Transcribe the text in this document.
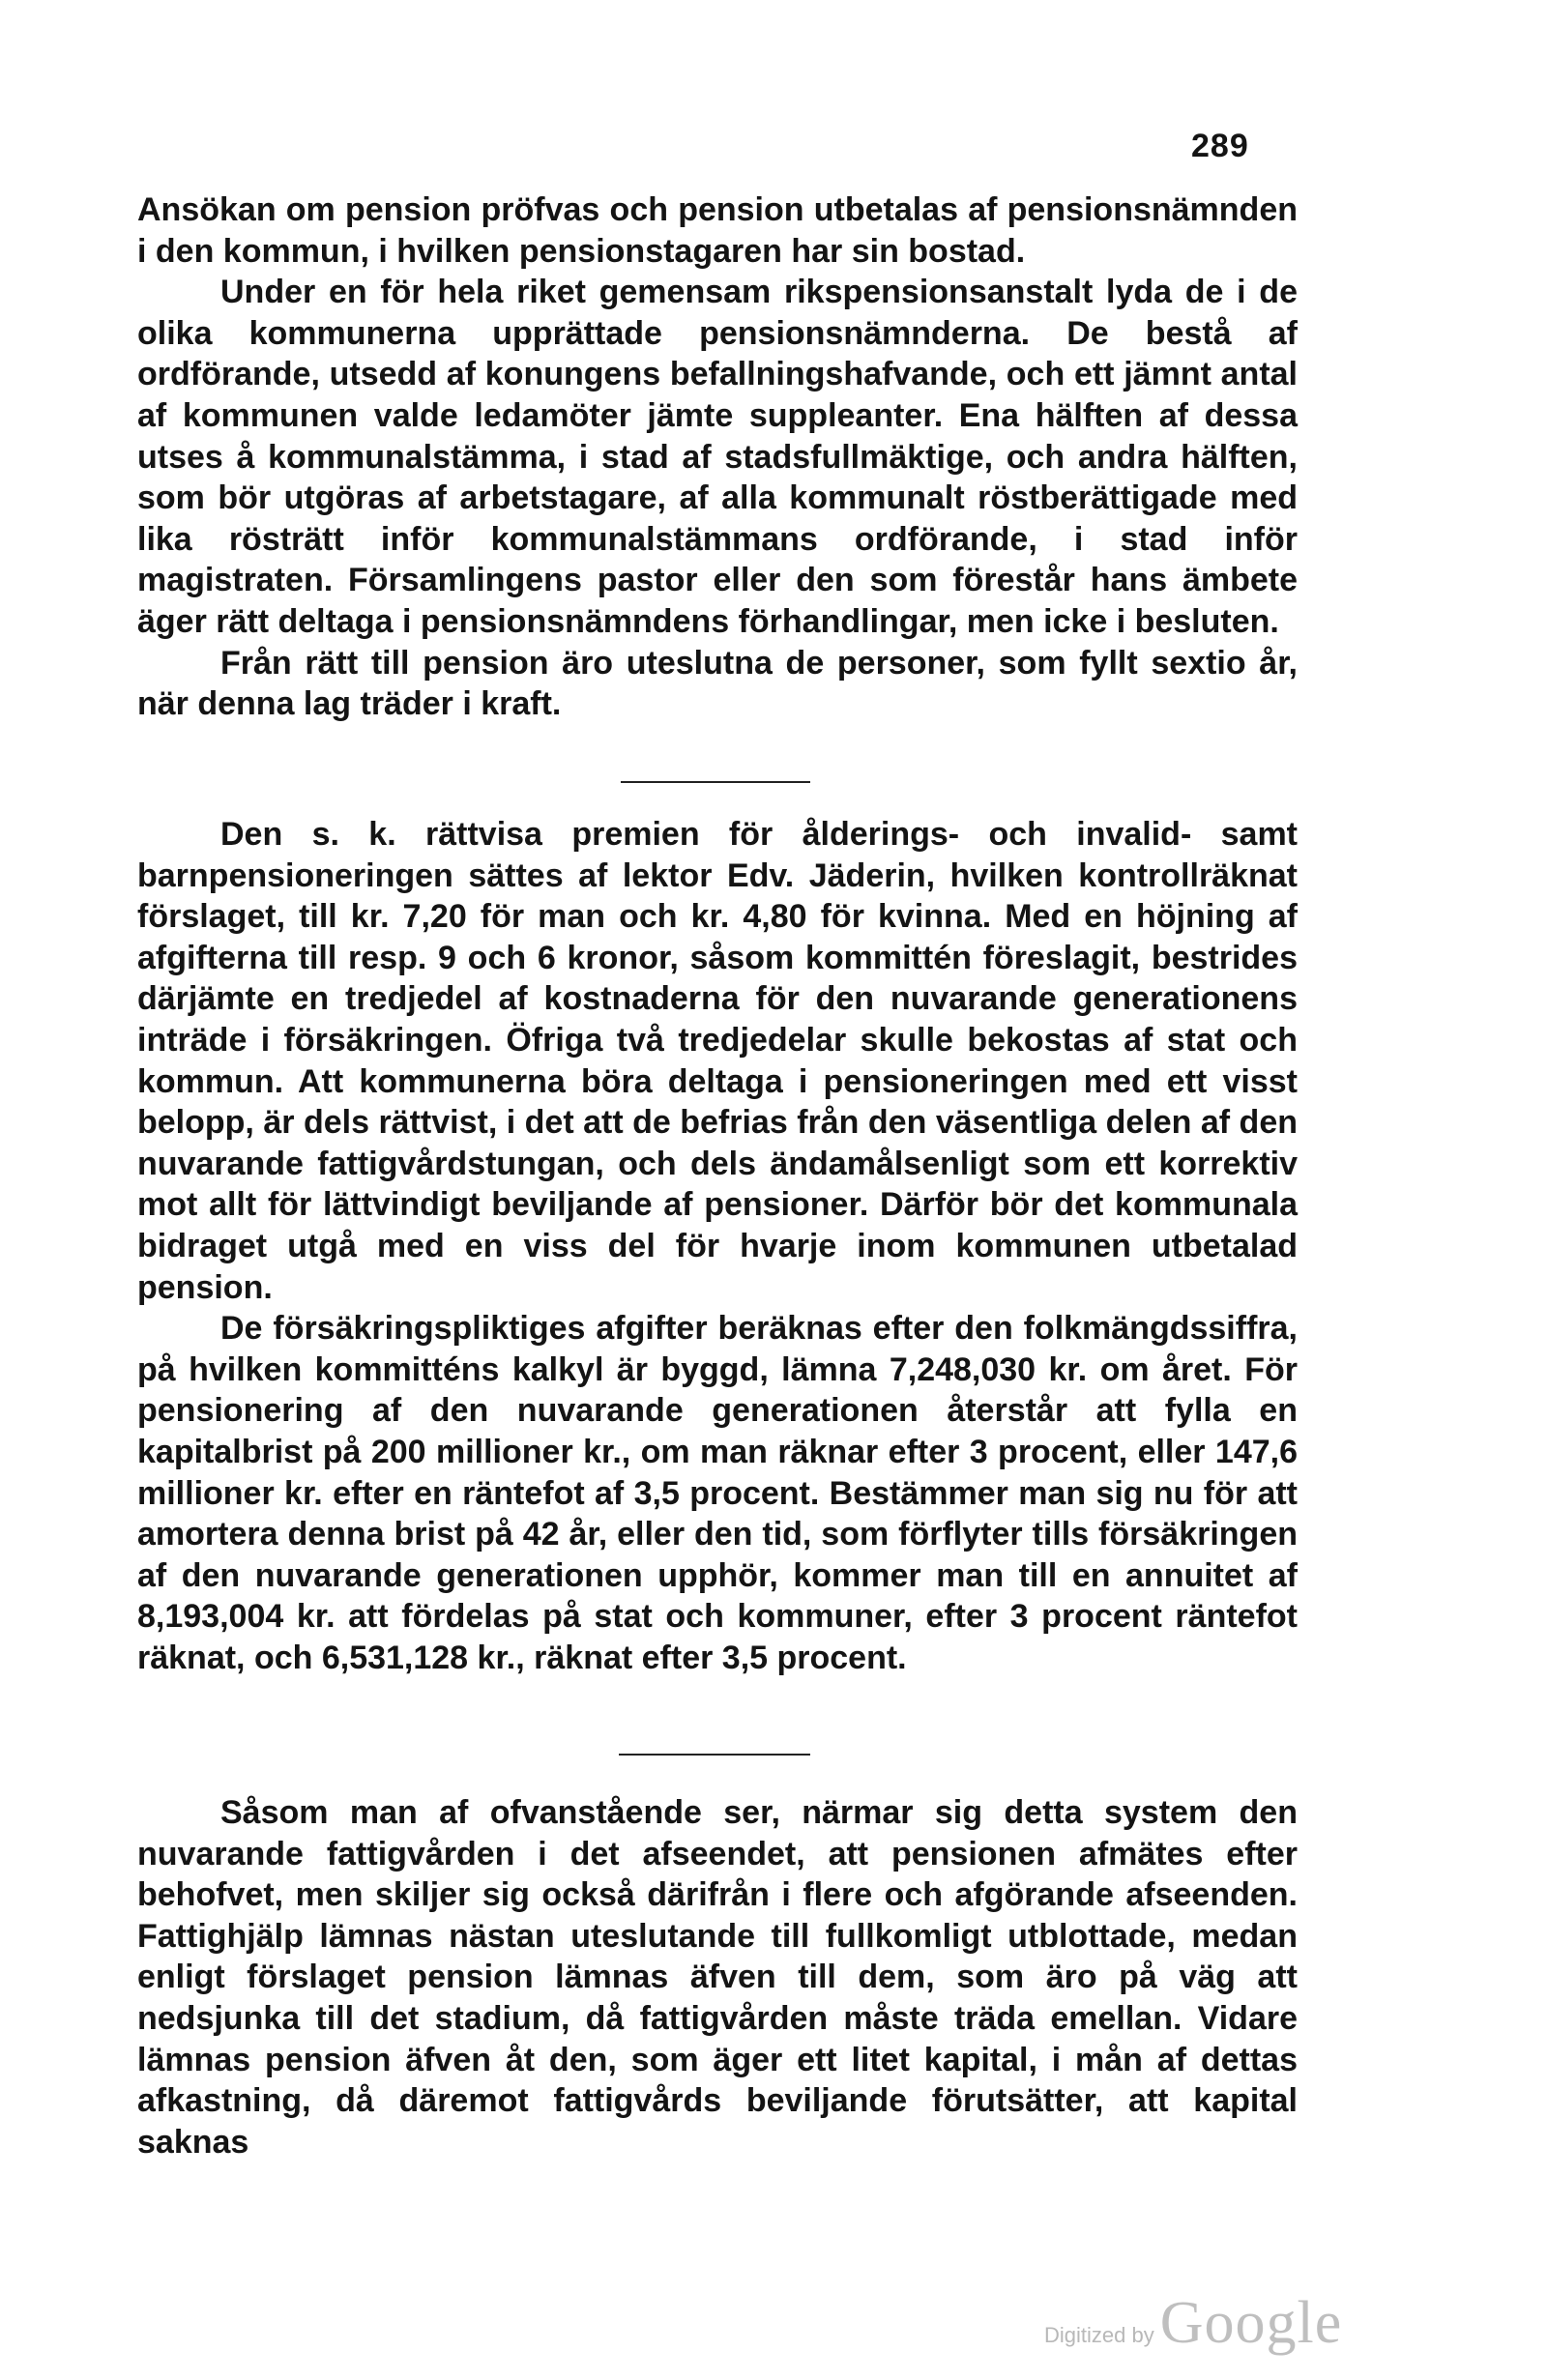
289

Ansökan om pension pröfvas och pension utbetalas af pensionsnämnden i den kommun, i hvilken pensionstagaren har sin bostad.

Under en för hela riket gemensam rikspensionsanstalt lyda de i de olika kommunerna upprättade pensionsnämnderna. De bestå af ordförande, utsedd af konungens befallningshafvande, och ett jämnt antal af kommunen valde ledamöter jämte suppleanter. Ena hälften af dessa utses å kommunalstämma, i stad af stadsfullmäktige, och andra hälften, som bör utgöras af arbetstagare, af alla kommunalt röstberättigade med lika rösträtt inför kommunalstämmans ordförande, i stad inför magistraten. Församlingens pastor eller den som förestår hans ämbete äger rätt deltaga i pensionsnämndens förhandlingar, men icke i besluten.

Från rätt till pension äro uteslutna de personer, som fyllt sextio år, när denna lag träder i kraft.

Den s. k. rättvisa premien för ålderings- och invalid- samt barnpensioneringen sättes af lektor Edv. Jäderin, hvilken kontrollräknat förslaget, till kr. 7,20 för man och kr. 4,80 för kvinna. Med en höjning af afgifterna till resp. 9 och 6 kronor, såsom kommittén föreslagit, bestrides därjämte en tredjedel af kostnaderna för den nuvarande generationens inträde i försäkringen. Öfriga två tredjedelar skulle bekostas af stat och kommun. Att kommunerna böra deltaga i pensioneringen med ett visst belopp, är dels rättvist, i det att de befrias från den väsentliga delen af den nuvarande fattigvårdstungan, och dels ändamålsenligt som ett korrektiv mot allt för lättvindigt beviljande af pensioner. Därför bör det kommunala bidraget utgå med en viss del för hvarje inom kommunen utbetalad pension.

De försäkringspliktiges afgifter beräknas efter den folkmängdssiffra, på hvilken kommitténs kalkyl är byggd, lämna 7,248,030 kr. om året. För pensionering af den nuvarande generationen återstår att fylla en kapitalbrist på 200 millioner kr., om man räknar efter 3 procent, eller 147,6 millioner kr. efter en räntefot af 3,5 procent. Bestämmer man sig nu för att amortera denna brist på 42 år, eller den tid, som förflyter tills försäkringen af den nuvarande generationen upphör, kommer man till en annuitet af 8,193,004 kr. att fördelas på stat och kommuner, efter 3 procent räntefot räknat, och 6,531,128 kr., räknat efter 3,5 procent.

Såsom man af ofvanstående ser, närmar sig detta system den nuvarande fattigvården i det afseendet, att pensionen afmätes efter behofvet, men skiljer sig också därifrån i flere och afgörande afseenden. Fattighjälp lämnas nästan uteslutande till fullkomligt utblottade, medan enligt förslaget pension lämnas äfven till dem, som äro på väg att nedsjunka till det stadium, då fattigvården måste träda emellan. Vidare lämnas pension äfven åt den, som äger ett litet kapital, i mån af dettas afkastning, då däremot fattigvårds beviljande förutsätter, att kapital saknas

Digitized by Google
